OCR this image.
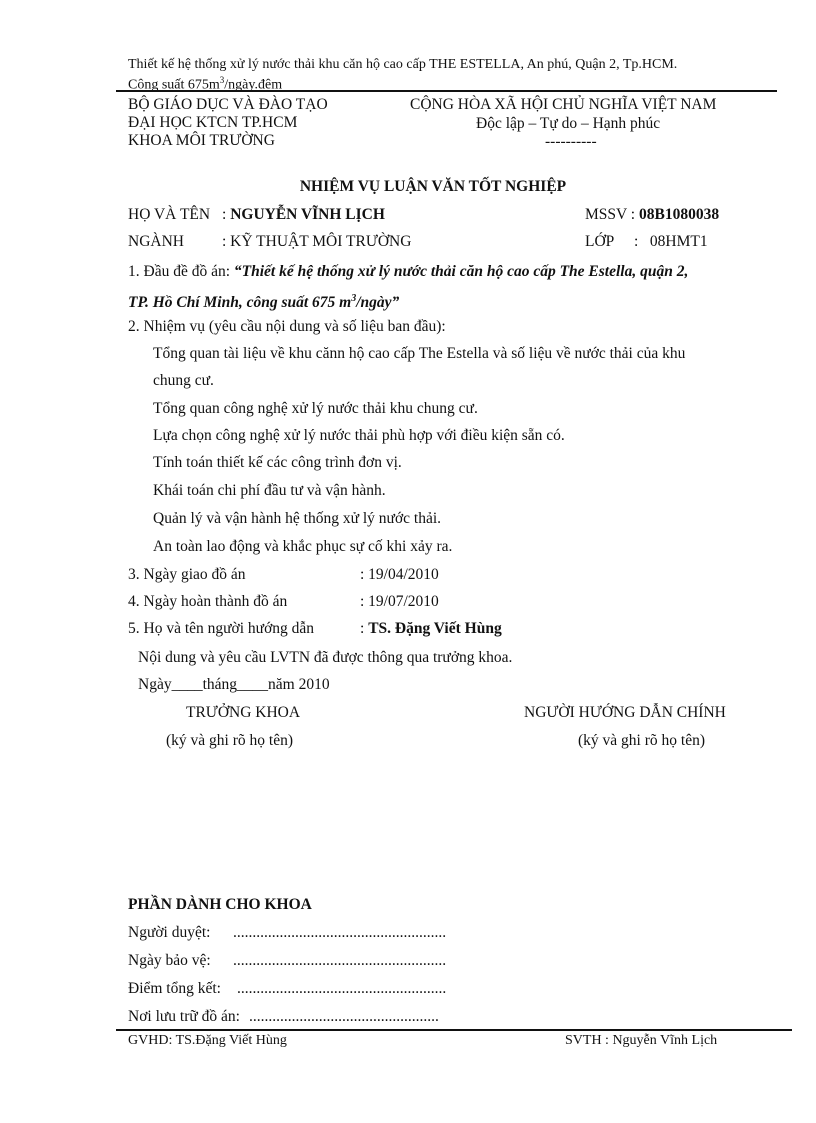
Thiết kế hệ thống xử lý nước thải khu căn hộ cao cấp THE ESTELLA, An phú, Quận 2, Tp.HCM.
Công suất $675m^3/ngày.đêm$
BỘ GIÁO DỤC VÀ ĐÀO TẠO
ĐẠI HỌC KTCN TP.HCM
KHOA MÔI TRƯỜNG
CỘNG HÒA XÃ HỘI CHỦ NGHĨA VIỆT NAM
Độc lập – Tự do – Hạnh phúc
----------
NHIỆM VỤ LUẬN VĂN TỐT NGHIỆP
HỌ VÀ TÊN : NGUYỄN VĨNH LỊCH	MSSV : 08B1080038
NGÀNH : KỸ THUẬT MÔI TRƯỜNG	LỚP :   08HMT1
1. Đầu đề đồ án: “Thiết kế hệ thống xử lý nước thải căn hộ cao cấp The Estella, quận 2,
TP. Hồ Chí Minh, công suất 675 $m^3$/ngày”
2. Nhiệm vụ (yêu cầu nội dung và số liệu ban đầu):
Tổng quan tài liệu về khu cănn hộ cao cấp The Estella và số liệu về nước thải của khu
chung cư.
Tổng quan công nghệ xử lý nước thải khu chung cư.
Lựa chọn công nghệ xử lý nước thải phù hợp với điều kiện sẵn có.
Tính toán thiết kế các công trình đơn vị.
Khái toán chi phí đầu tư và vận hành.
Quản lý và vận hành hệ thống xử lý nước thải.
An toàn lao động và khắc phục sự cố khi xảy ra.
3. Ngày giao đồ án	: 19/04/2010
4. Ngày hoàn thành đồ án	: 19/07/2010
5. Họ và tên người hướng dẫn	: TS. Đặng Viết Hùng
Nội dung và yêu cầu LVTN đã được thông qua trưởng khoa.
Ngày____tháng____năm 2010
TRƯỞNG KHOA
(ký và ghi rõ họ tên)
NGƯỜI HƯỚNG DẪN CHÍNH
(ký và ghi rõ họ tên)
PHẦN DÀNH CHO KHOA
Người duyệt: .......................................................
Ngày bảo vệ: .......................................................
Điểm tổng kết: ......................................................
Nơi lưu trữ đồ án: .................................................
GVHD: TS.Đặng Viết Hùng	SVTH : Nguyễn Vĩnh Lịch
